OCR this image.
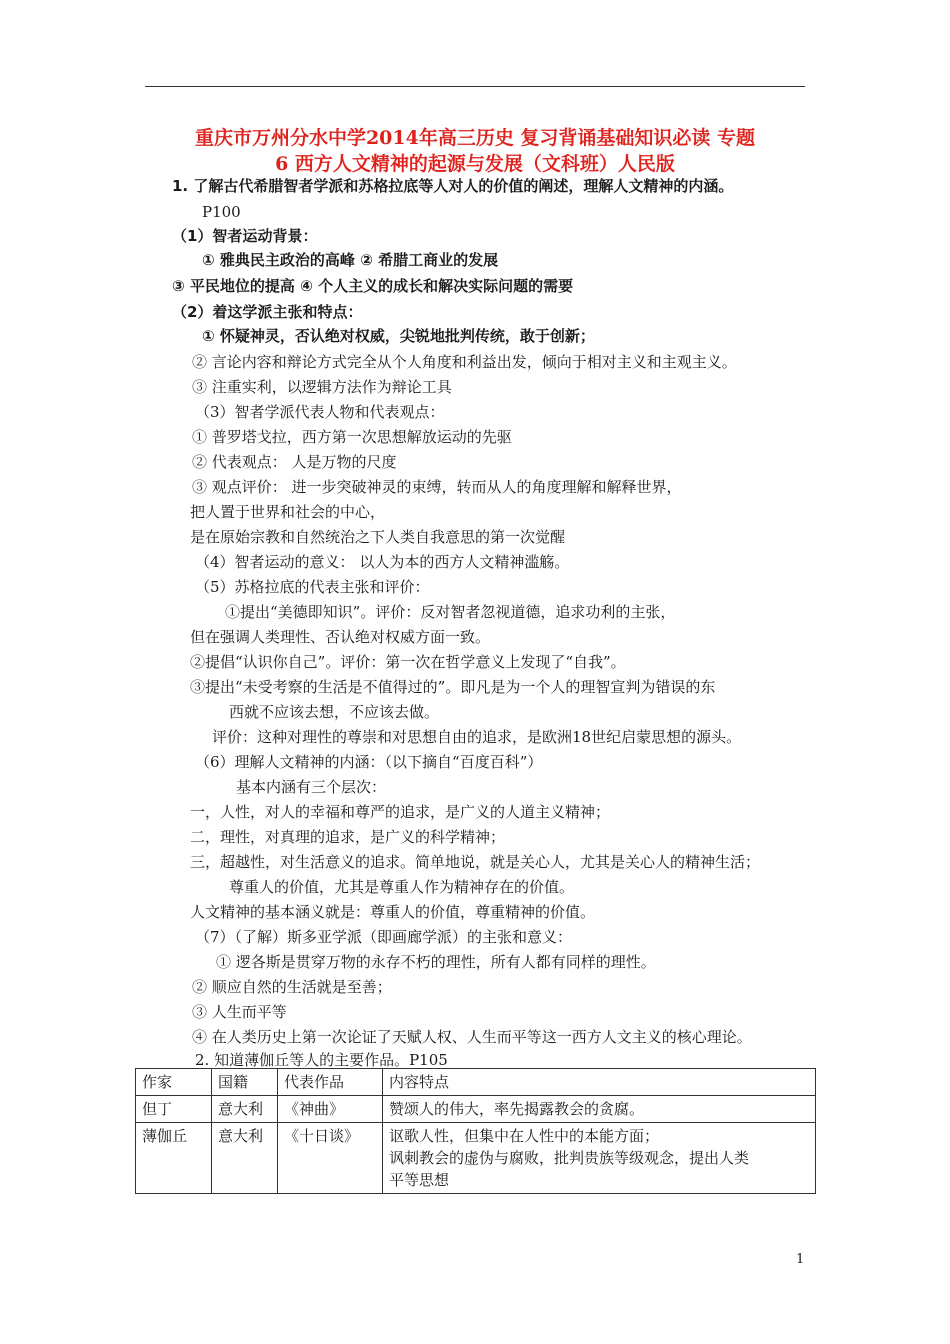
重庆市万州分水中学2014年高三历史 复习背诵基础知识必读 专题
6 西方人文精神的起源与发展（文科班）人民版
1. 了解古代希腊智者学派和苏格拉底等人对人的价值的阐述，理解人文精神的内涵。
P100
（1）智者运动背景：
① 雅典民主政治的高峰 ② 希腊工商业的发展
③ 平民地位的提高 ④ 个人主义的成长和解决实际问题的需要
（2）着这学派主张和特点：
① 怀疑神灵，否认绝对权威，尖锐地批判传统，敢于创新；
② 言论内容和辩论方式完全从个人角度和利益出发，倾向于相对主义和主观主义。
③ 注重实利，以逻辑方法作为辩论工具
（3）智者学派代表人物和代表观点：
① 普罗塔戈拉，西方第一次思想解放运动的先驱
② 代表观点： 人是万物的尺度
③ 观点评价： 进一步突破神灵的束缚，转而从人的角度理解和解释世界，
把人置于世界和社会的中心，
是在原始宗教和自然统治之下人类自我意思的第一次觉醒
（4）智者运动的意义： 以人为本的西方人文精神滥觞。
（5）苏格拉底的代表主张和评价：
①提出“美德即知识”。评价：反对智者忽视道德，追求功利的主张，
但在强调人类理性、否认绝对权威方面一致。
②提倡“认识你自己”。评价：第一次在哲学意义上发现了“自我”。
③提出“未受考察的生活是不值得过的”。即凡是为一个人的理智宣判为错误的东
西就不应该去想，不应该去做。
评价：这种对理性的尊崇和对思想自由的追求，是欧洲18世纪启蒙思想的源头。
（6）理解人文精神的内涵：（以下摘自“百度百科”）
基本内涵有三个层次：
一，人性，对人的幸福和尊严的追求，是广义的人道主义精神；
二，理性，对真理的追求，是广义的科学精神；
三，超越性，对生活意义的追求。简单地说，就是关心人，尤其是关心人的精神生活；
尊重人的价值，尤其是尊重人作为精神存在的价值。
人文精神的基本涵义就是：尊重人的价值，尊重精神的价值。
（7）（了解）斯多亚学派（即画廊学派）的主张和意义：
① 逻各斯是贯穿万物的永存不朽的理性，所有人都有同样的理性。
② 顺应自然的生活就是至善；
③ 人生而平等
④ 在人类历史上第一次论证了天赋人权、人生而平等这一西方人文主义的核心理论。
2. 知道薄伽丘等人的主要作品。P105
作家	国籍	代表作品	内容特点
但丁	意大利	《神曲》	赞颂人的伟大，率先揭露教会的贪腐。
薄伽丘	意大利	《十日谈》	讴歌人性，但集中在人性中的本能方面；
讽刺教会的虚伪与腐败，批判贵族等级观念，提出人类
平等思想
1
